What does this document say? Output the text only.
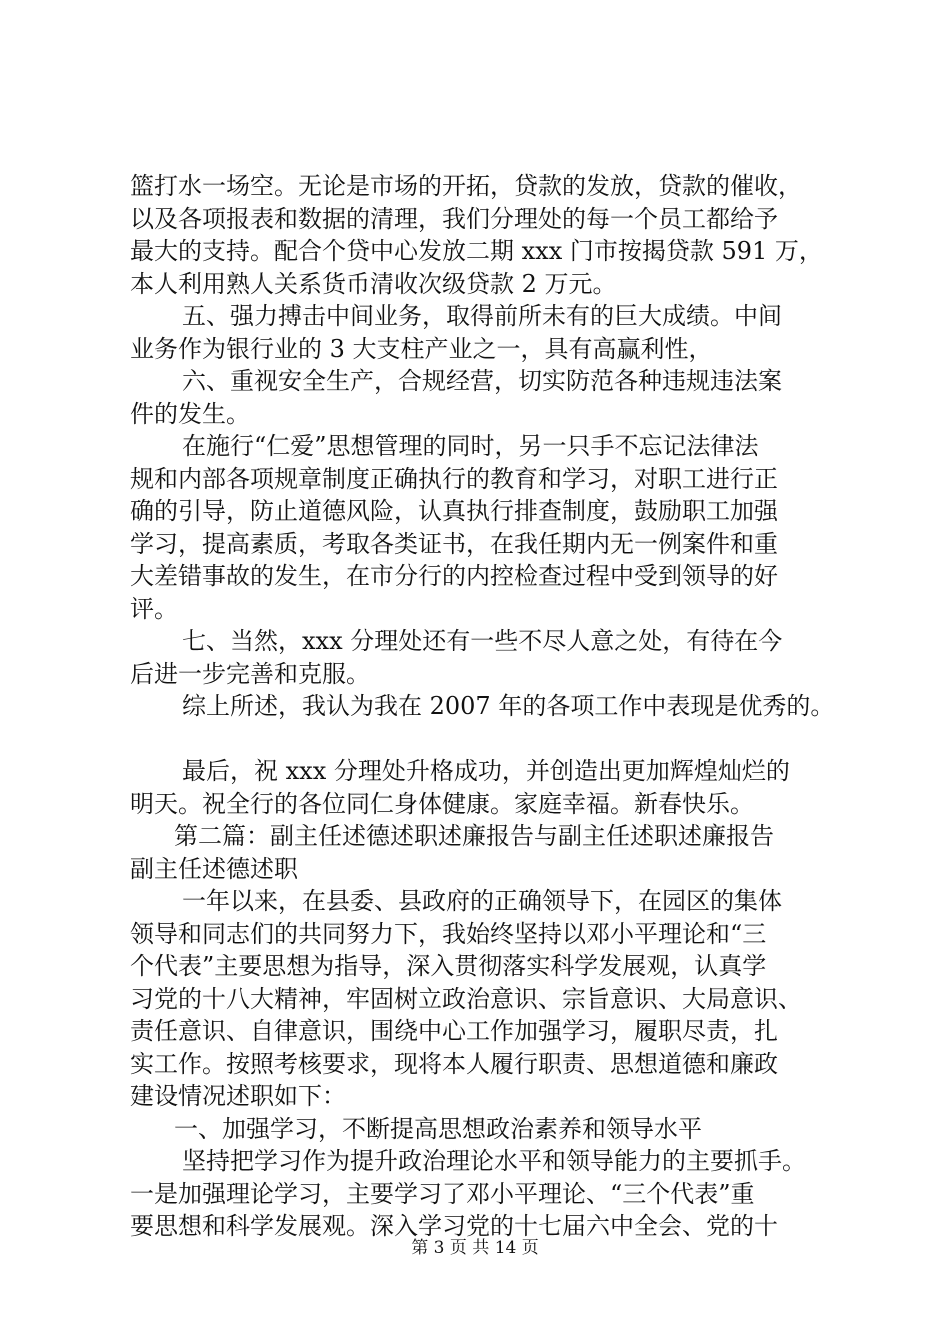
篮打水一场空。无论是市场的开拓，贷款的发放，贷款的催收，
以及各项报表和数据的清理，我们分理处的每一个员工都给予
最大的支持。配合个贷中心发放二期 xxx 门市按揭贷款 591 万，
本人利用熟人关系货币清收次级贷款 2 万元。
五、强力搏击中间业务，取得前所未有的巨大成绩。中间
业务作为银行业的 3 大支柱产业之一，具有高赢利性，
六、重视安全生产，合规经营，切实防范各种违规违法案
件的发生。
在施行“仁爱”思想管理的同时，另一只手不忘记法律法
规和内部各项规章制度正确执行的教育和学习，对职工进行正
确的引导，防止道德风险，认真执行排查制度，鼓励职工加强
学习，提高素质，考取各类证书，在我任期内无一例案件和重
大差错事故的发生，在市分行的内控检查过程中受到领导的好
评。
七、当然，xxx 分理处还有一些不尽人意之处，有待在今
后进一步完善和克服。
综上所述，我认为我在 2007 年的各项工作中表现是优秀的。
最后，祝 xxx 分理处升格成功，并创造出更加辉煌灿烂的
明天。祝全行的各位同仁身体健康。家庭幸福。新春快乐。
第二篇：副主任述德述职述廉报告与副主任述职述廉报告
副主任述德述职
一年以来，在县委、县政府的正确领导下，在园区的集体
领导和同志们的共同努力下，我始终坚持以邓小平理论和“三
个代表”主要思想为指导，深入贯彻落实科学发展观，认真学
习党的十八大精神，牢固树立政治意识、宗旨意识、大局意识、
责任意识、自律意识，围绕中心工作加强学习，履职尽责，扎
实工作。按照考核要求，现将本人履行职责、思想道德和廉政
建设情况述职如下：
一、加强学习，不断提高思想政治素养和领导水平
坚持把学习作为提升政治理论水平和领导能力的主要抓手。
一是加强理论学习，主要学习了邓小平理论、“三个代表”重
要思想和科学发展观。深入学习党的十七届六中全会、党的十
第 3 页 共 14 页
